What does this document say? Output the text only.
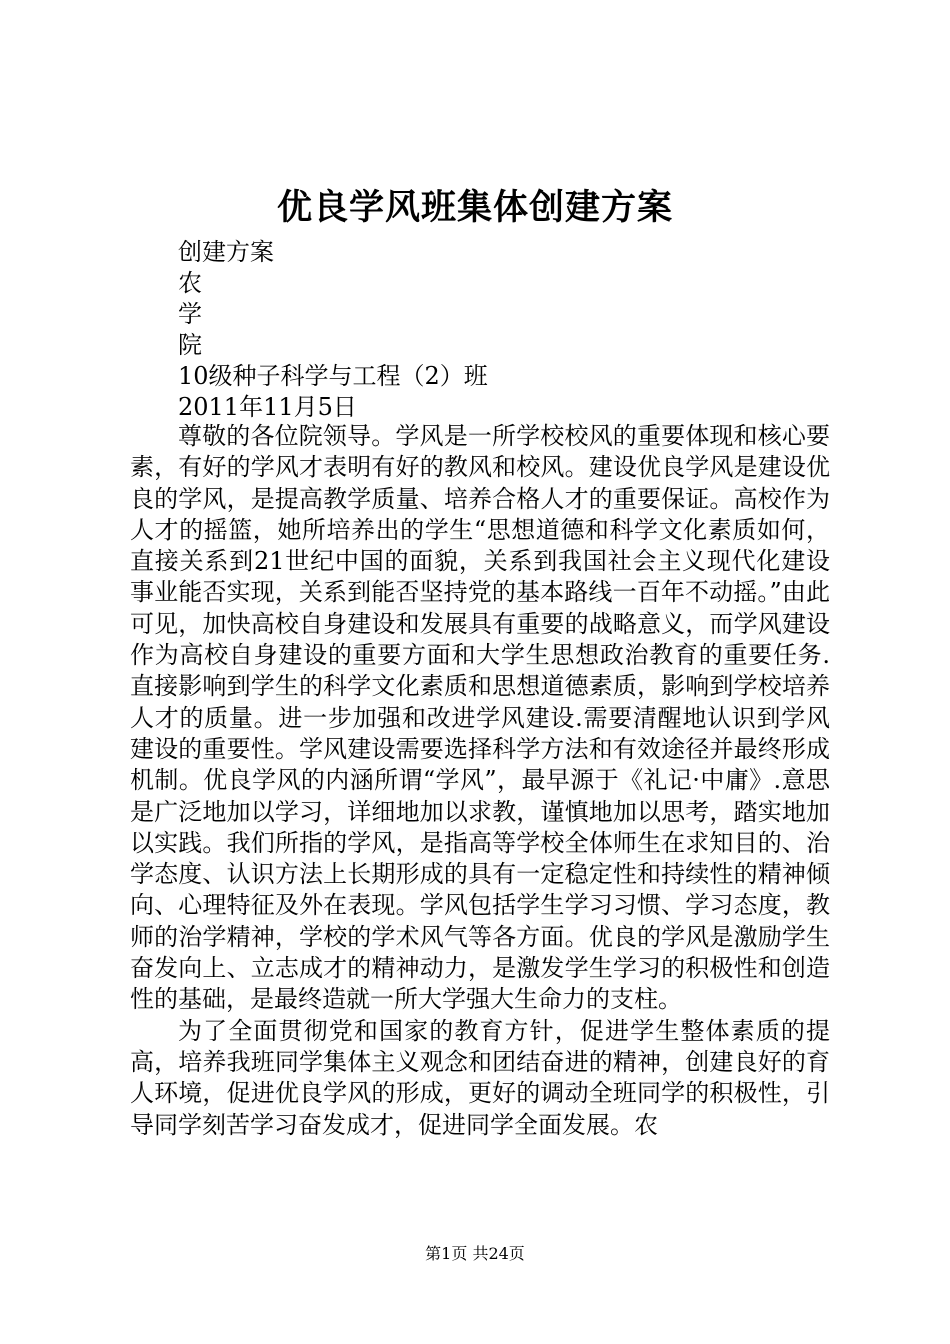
优良学风班集体创建方案
创建方案
农
学
院
10级种子科学与工程（2）班
2011年11月5日

尊敬的各位院领导。学风是一所学校校风的重要体现和核心要素，有好的学风才表明有好的教风和校风。建设优良学风是建设优良的学风，是提高教学质量、培养合格人才的重要保证。高校作为人才的摇篮，她所培养出的学生“思想道德和科学文化素质如何，直接关系到21世纪中国的面貌，关系到我国社会主义现代化建设事业能否实现，关系到能否坚持党的基本路线一百年不动摇。”由此可见，加快高校自身建设和发展具有重要的战略意义，而学风建设作为高校自身建设的重要方面和大学生思想政治教育的重要任务.直接影响到学生的科学文化素质和思想道德素质，影响到学校培养人才的质量。进一步加强和改进学风建设.需要清醒地认识到学风建设的重要性。学风建设需要选择科学方法和有效途径并最终形成机制。优良学风的内涵所谓“学风”，最早源于《礼记·中庸》.意思是广泛地加以学习，详细地加以求教，谨慎地加以思考，踏实地加以实践。我们所指的学风，是指高等学校全体师生在求知目的、治学态度、认识方法上长期形成的具有一定稳定性和持续性的精神倾向、心理特征及外在表现。学风包括学生学习习惯、学习态度，教师的治学精神，学校的学术风气等各方面。优良的学风是激励学生奋发向上、立志成才的精神动力，是激发学生学习的积极性和创造性的基础，是最终造就一所大学强大生命力的支柱。

为了全面贯彻党和国家的教育方针，促进学生整体素质的提高，培养我班同学集体主义观念和团结奋进的精神，创建良好的育人环境，促进优良学风的形成，更好的调动全班同学的积极性，引导同学刻苦学习奋发成才，促进同学全面发展。农

第1页 共24页
